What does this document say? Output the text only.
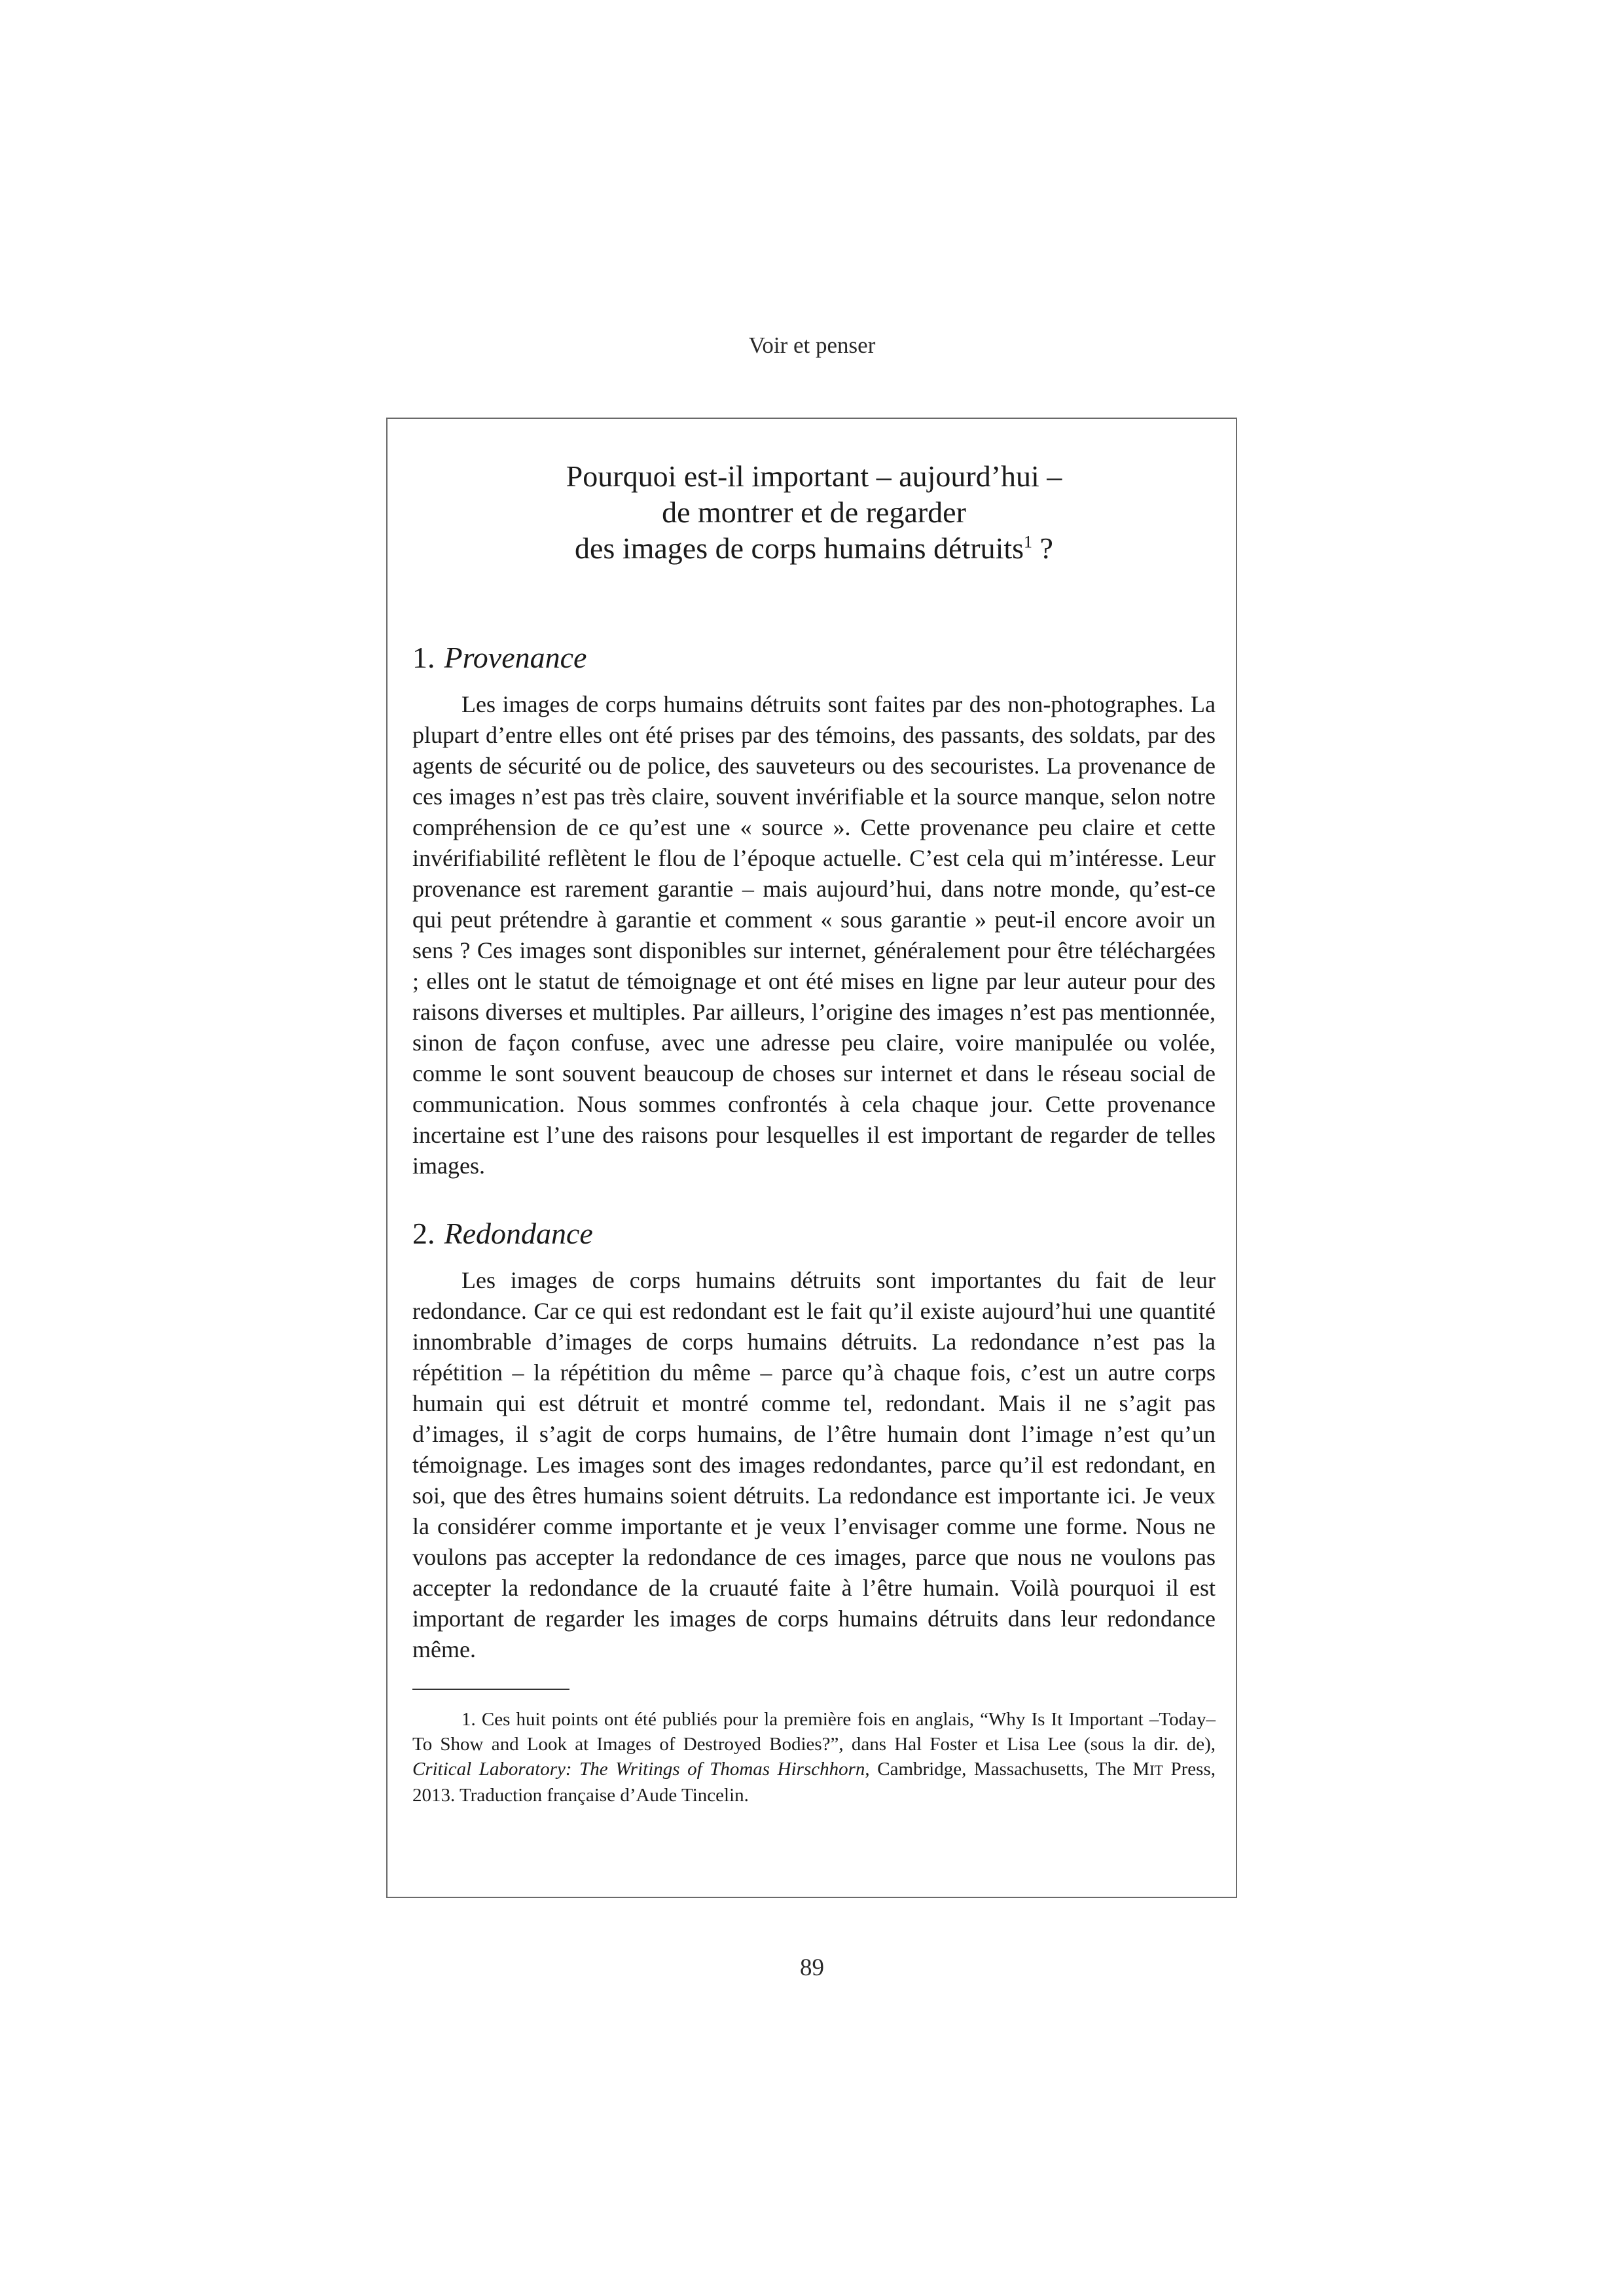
Voir et penser
Pourquoi est-il important – aujourd’hui –
de montrer et de regarder
des images de corps humains détruits$^1$ ?
1. Provenance

Les images de corps humains détruits sont faites par des non-photographes. La plupart d’entre elles ont été prises par des témoins, des passants, des soldats, par des agents de sécurité ou de police, des sauveteurs ou des secouristes. La provenance de ces images n’est pas très claire, souvent invérifiable et la source manque, selon notre compréhension de ce qu’est une « source ». Cette provenance peu claire et cette invérifiabilité reflètent le flou de l’époque actuelle. C’est cela qui m’intéresse. Leur provenance est rarement garantie – mais aujourd’hui, dans notre monde, qu’est-ce qui peut prétendre à garantie et comment « sous garantie » peut-il encore avoir un sens ? Ces images sont disponibles sur internet, généralement pour être téléchargées ; elles ont le statut de témoignage et ont été mises en ligne par leur auteur pour des raisons diverses et multiples. Par ailleurs, l’origine des images n’est pas mentionnée, sinon de façon confuse, avec une adresse peu claire, voire manipulée ou volée, comme le sont souvent beaucoup de choses sur internet et dans le réseau social de communication. Nous sommes confrontés à cela chaque jour. Cette provenance incertaine est l’une des raisons pour lesquelles il est important de regarder de telles images.

2. Redondance

Les images de corps humains détruits sont importantes du fait de leur redondance. Car ce qui est redondant est le fait qu’il existe aujourd’hui une quantité innombrable d’images de corps humains détruits. La redondance n’est pas la répétition – la répétition du même – parce qu’à chaque fois, c’est un autre corps humain qui est détruit et montré comme tel, redondant. Mais il ne s’agit pas d’images, il s’agit de corps humains, de l’être humain dont l’image n’est qu’un témoignage. Les images sont des images redondantes, parce qu’il est redondant, en soi, que des êtres humains soient détruits. La redondance est importante ici. Je veux la considérer comme importante et je veux l’envisager comme une forme. Nous ne voulons pas accepter la redondance de ces images, parce que nous ne voulons pas accepter la redondance de la cruauté faite à l’être humain. Voilà pourquoi il est important de regarder les images de corps humains détruits dans leur redondance même.

1. Ces huit points ont été publiés pour la première fois en anglais, “Why Is It Important –Today– To Show and Look at Images of Destroyed Bodies?”, dans Hal Foster et Lisa Lee (sous la dir. de), Critical Laboratory: The Writings of Thomas Hirschhorn, Cambridge, Massachusetts, The MIT Press, 2013. Traduction française d’Aude Tincelin.

89
